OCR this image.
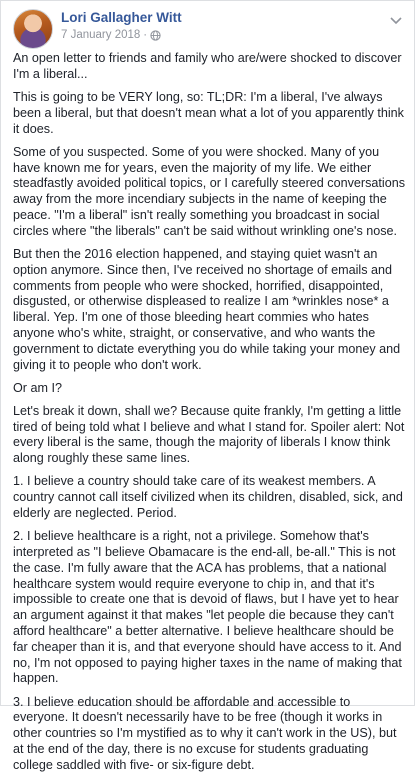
Lori Gallagher Witt
7 January 2018 ·

An open letter to friends and family who are/were shocked to discover I'm a liberal...

This is going to be VERY long, so: TL;DR: I'm a liberal, I've always been a liberal, but that doesn't mean what a lot of you apparently think it does.

Some of you suspected. Some of you were shocked. Many of you have known me for years, even the majority of my life. We either steadfastly avoided political topics, or I carefully steered conversations away from the more incendiary subjects in the name of keeping the peace. "I'm a liberal" isn't really something you broadcast in social circles where "the liberals" can't be said without wrinkling one's nose.

But then the 2016 election happened, and staying quiet wasn't an option anymore. Since then, I've received no shortage of emails and comments from people who were shocked, horrified, disappointed, disgusted, or otherwise displeased to realize I am *wrinkles nose* a liberal. Yep. I'm one of those bleeding heart commies who hates anyone who's white, straight, or conservative, and who wants the government to dictate everything you do while taking your money and giving it to people who don't work.

Or am I?

Let's break it down, shall we? Because quite frankly, I'm getting a little tired of being told what I believe and what I stand for. Spoiler alert: Not every liberal is the same, though the majority of liberals I know think along roughly these same lines.

1. I believe a country should take care of its weakest members. A country cannot call itself civilized when its children, disabled, sick, and elderly are neglected. Period.

2. I believe healthcare is a right, not a privilege. Somehow that's interpreted as "I believe Obamacare is the end-all, be-all." This is not the case. I'm fully aware that the ACA has problems, that a national healthcare system would require everyone to chip in, and that it's impossible to create one that is devoid of flaws, but I have yet to hear an argument against it that makes "let people die because they can't afford healthcare" a better alternative. I believe healthcare should be far cheaper than it is, and that everyone should have access to it. And no, I'm not opposed to paying higher taxes in the name of making that happen.

3. I believe education should be affordable and accessible to everyone. It doesn't necessarily have to be free (though it works in other countries so I'm mystified as to why it can't work in the US), but at the end of the day, there is no excuse for students graduating college saddled with five- or six-figure debt.
